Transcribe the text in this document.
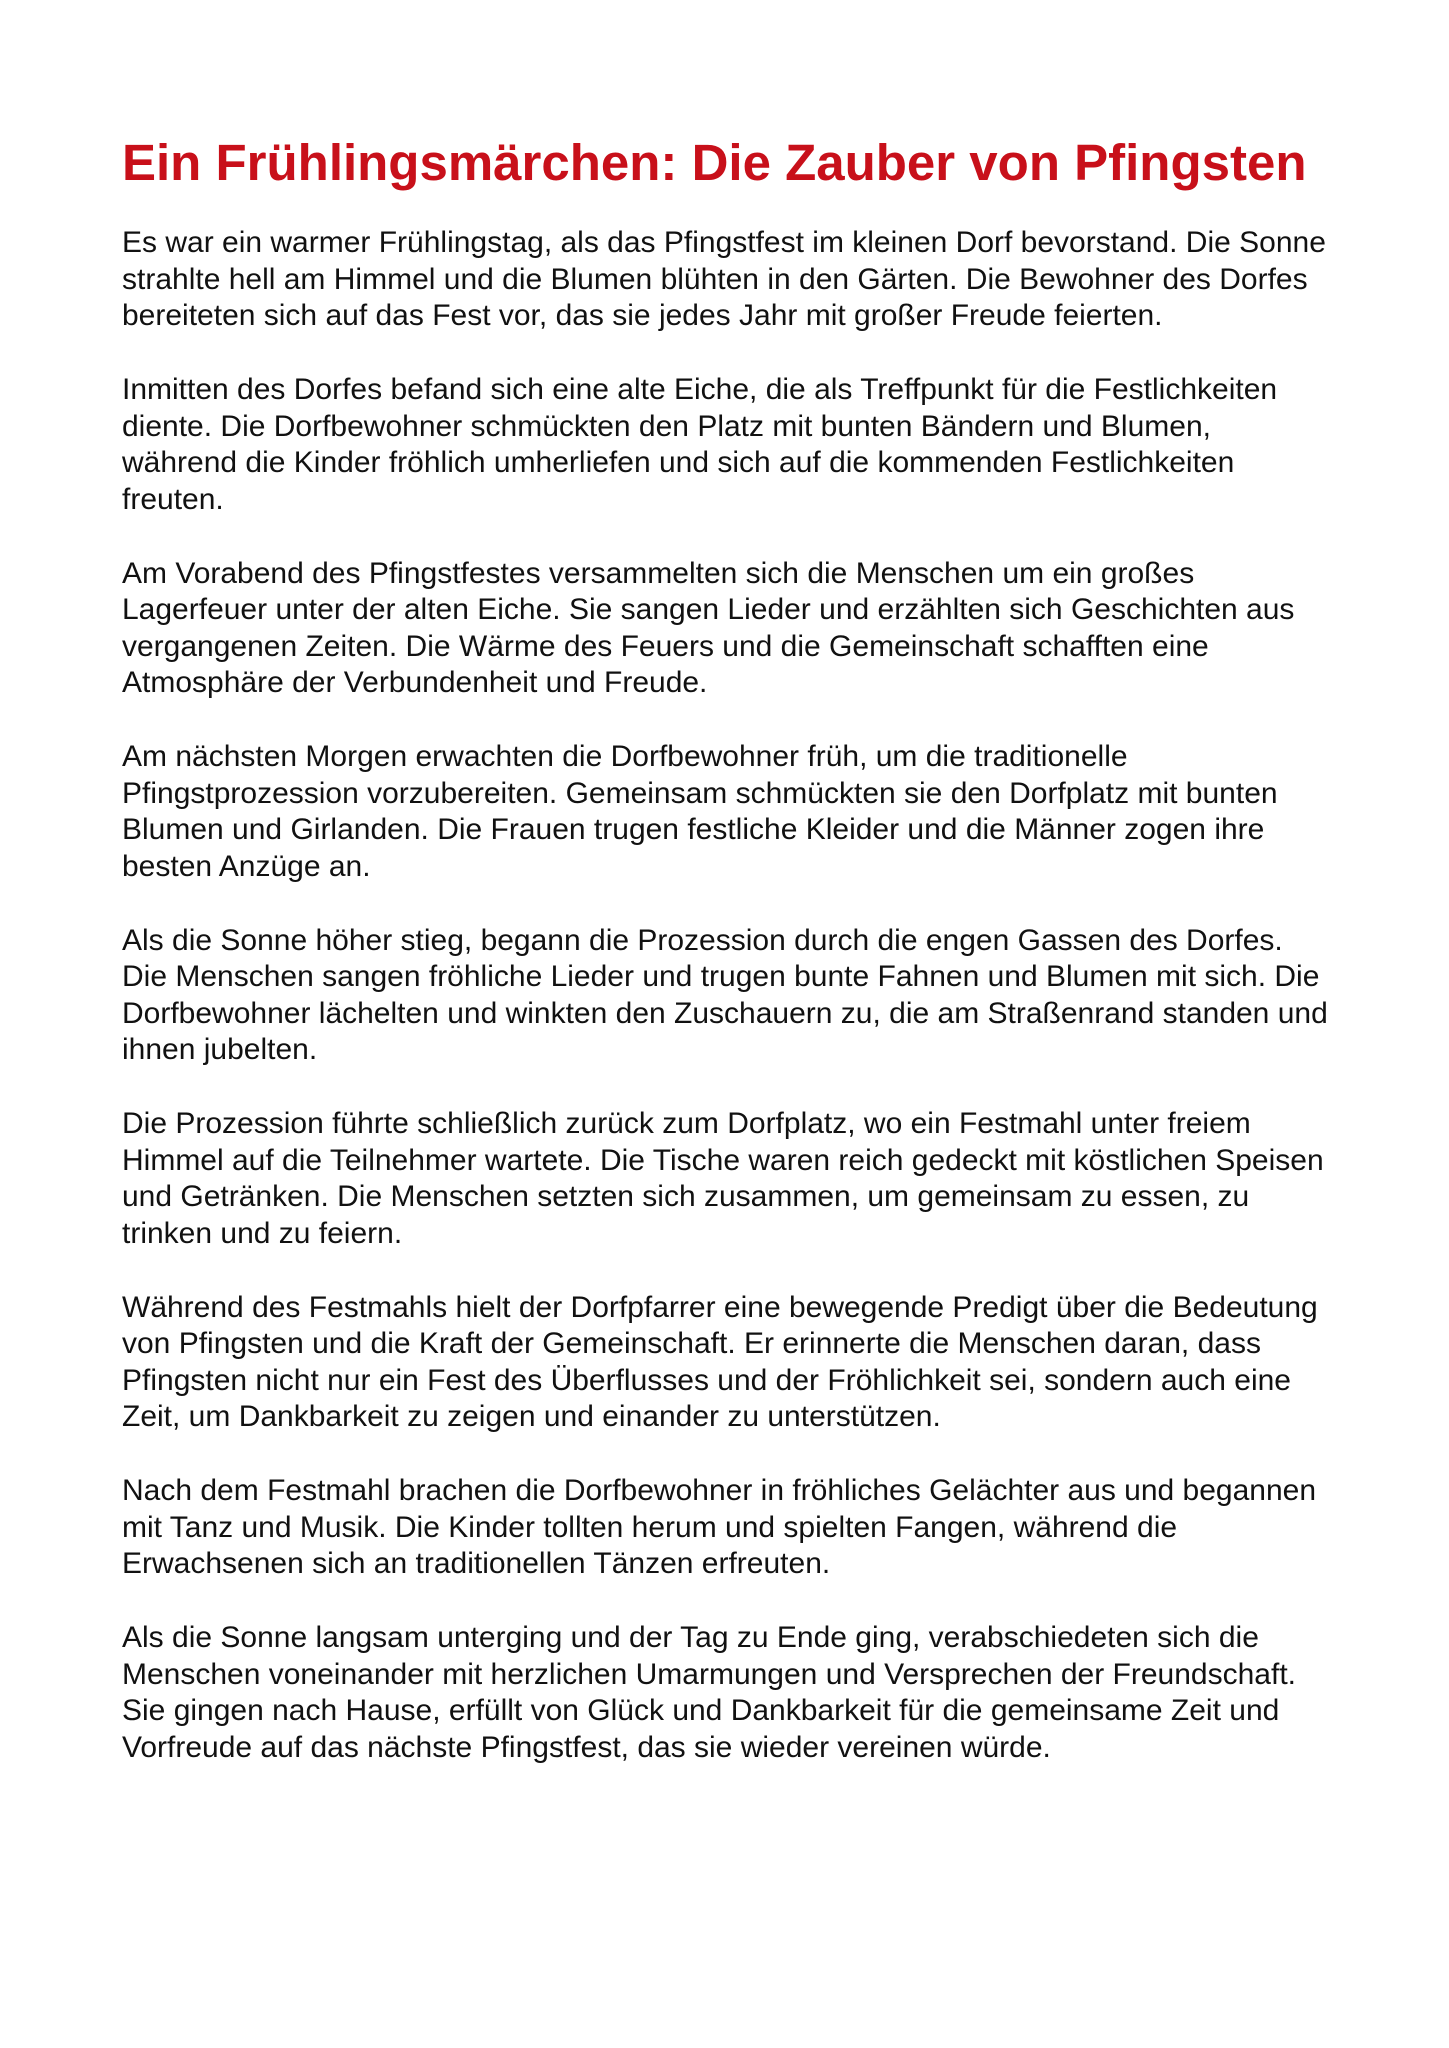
Ein Frühlingsmärchen: Die Zauber von Pfingsten

Es war ein warmer Frühlingstag, als das Pfingstfest im kleinen Dorf bevorstand. Die Sonne strahlte hell am Himmel und die Blumen blühten in den Gärten. Die Bewohner des Dorfes bereiteten sich auf das Fest vor, das sie jedes Jahr mit großer Freude feierten.

Inmitten des Dorfes befand sich eine alte Eiche, die als Treffpunkt für die Festlichkeiten diente. Die Dorfbewohner schmückten den Platz mit bunten Bändern und Blumen, während die Kinder fröhlich umherliefen und sich auf die kommenden Festlichkeiten freuten.

Am Vorabend des Pfingstfestes versammelten sich die Menschen um ein großes Lagerfeuer unter der alten Eiche. Sie sangen Lieder und erzählten sich Geschichten aus vergangenen Zeiten. Die Wärme des Feuers und die Gemeinschaft schafften eine Atmosphäre der Verbundenheit und Freude.

Am nächsten Morgen erwachten die Dorfbewohner früh, um die traditionelle Pfingstprozession vorzubereiten. Gemeinsam schmückten sie den Dorfplatz mit bunten Blumen und Girlanden. Die Frauen trugen festliche Kleider und die Männer zogen ihre besten Anzüge an.

Als die Sonne höher stieg, begann die Prozession durch die engen Gassen des Dorfes. Die Menschen sangen fröhliche Lieder und trugen bunte Fahnen und Blumen mit sich. Die Dorfbewohner lächelten und winkten den Zuschauern zu, die am Straßenrand standen und ihnen jubelten.

Die Prozession führte schließlich zurück zum Dorfplatz, wo ein Festmahl unter freiem Himmel auf die Teilnehmer wartete. Die Tische waren reich gedeckt mit köstlichen Speisen und Getränken. Die Menschen setzten sich zusammen, um gemeinsam zu essen, zu trinken und zu feiern.

Während des Festmahls hielt der Dorfpfarrer eine bewegende Predigt über die Bedeutung von Pfingsten und die Kraft der Gemeinschaft. Er erinnerte die Menschen daran, dass Pfingsten nicht nur ein Fest des Überflusses und der Fröhlichkeit sei, sondern auch eine Zeit, um Dankbarkeit zu zeigen und einander zu unterstützen.

Nach dem Festmahl brachen die Dorfbewohner in fröhliches Gelächter aus und begannen mit Tanz und Musik. Die Kinder tollten herum und spielten Fangen, während die Erwachsenen sich an traditionellen Tänzen erfreuten.

Als die Sonne langsam unterging und der Tag zu Ende ging, verabschiedeten sich die Menschen voneinander mit herzlichen Umarmungen und Versprechen der Freundschaft. Sie gingen nach Hause, erfüllt von Glück und Dankbarkeit für die gemeinsame Zeit und Vorfreude auf das nächste Pfingstfest, das sie wieder vereinen würde.
